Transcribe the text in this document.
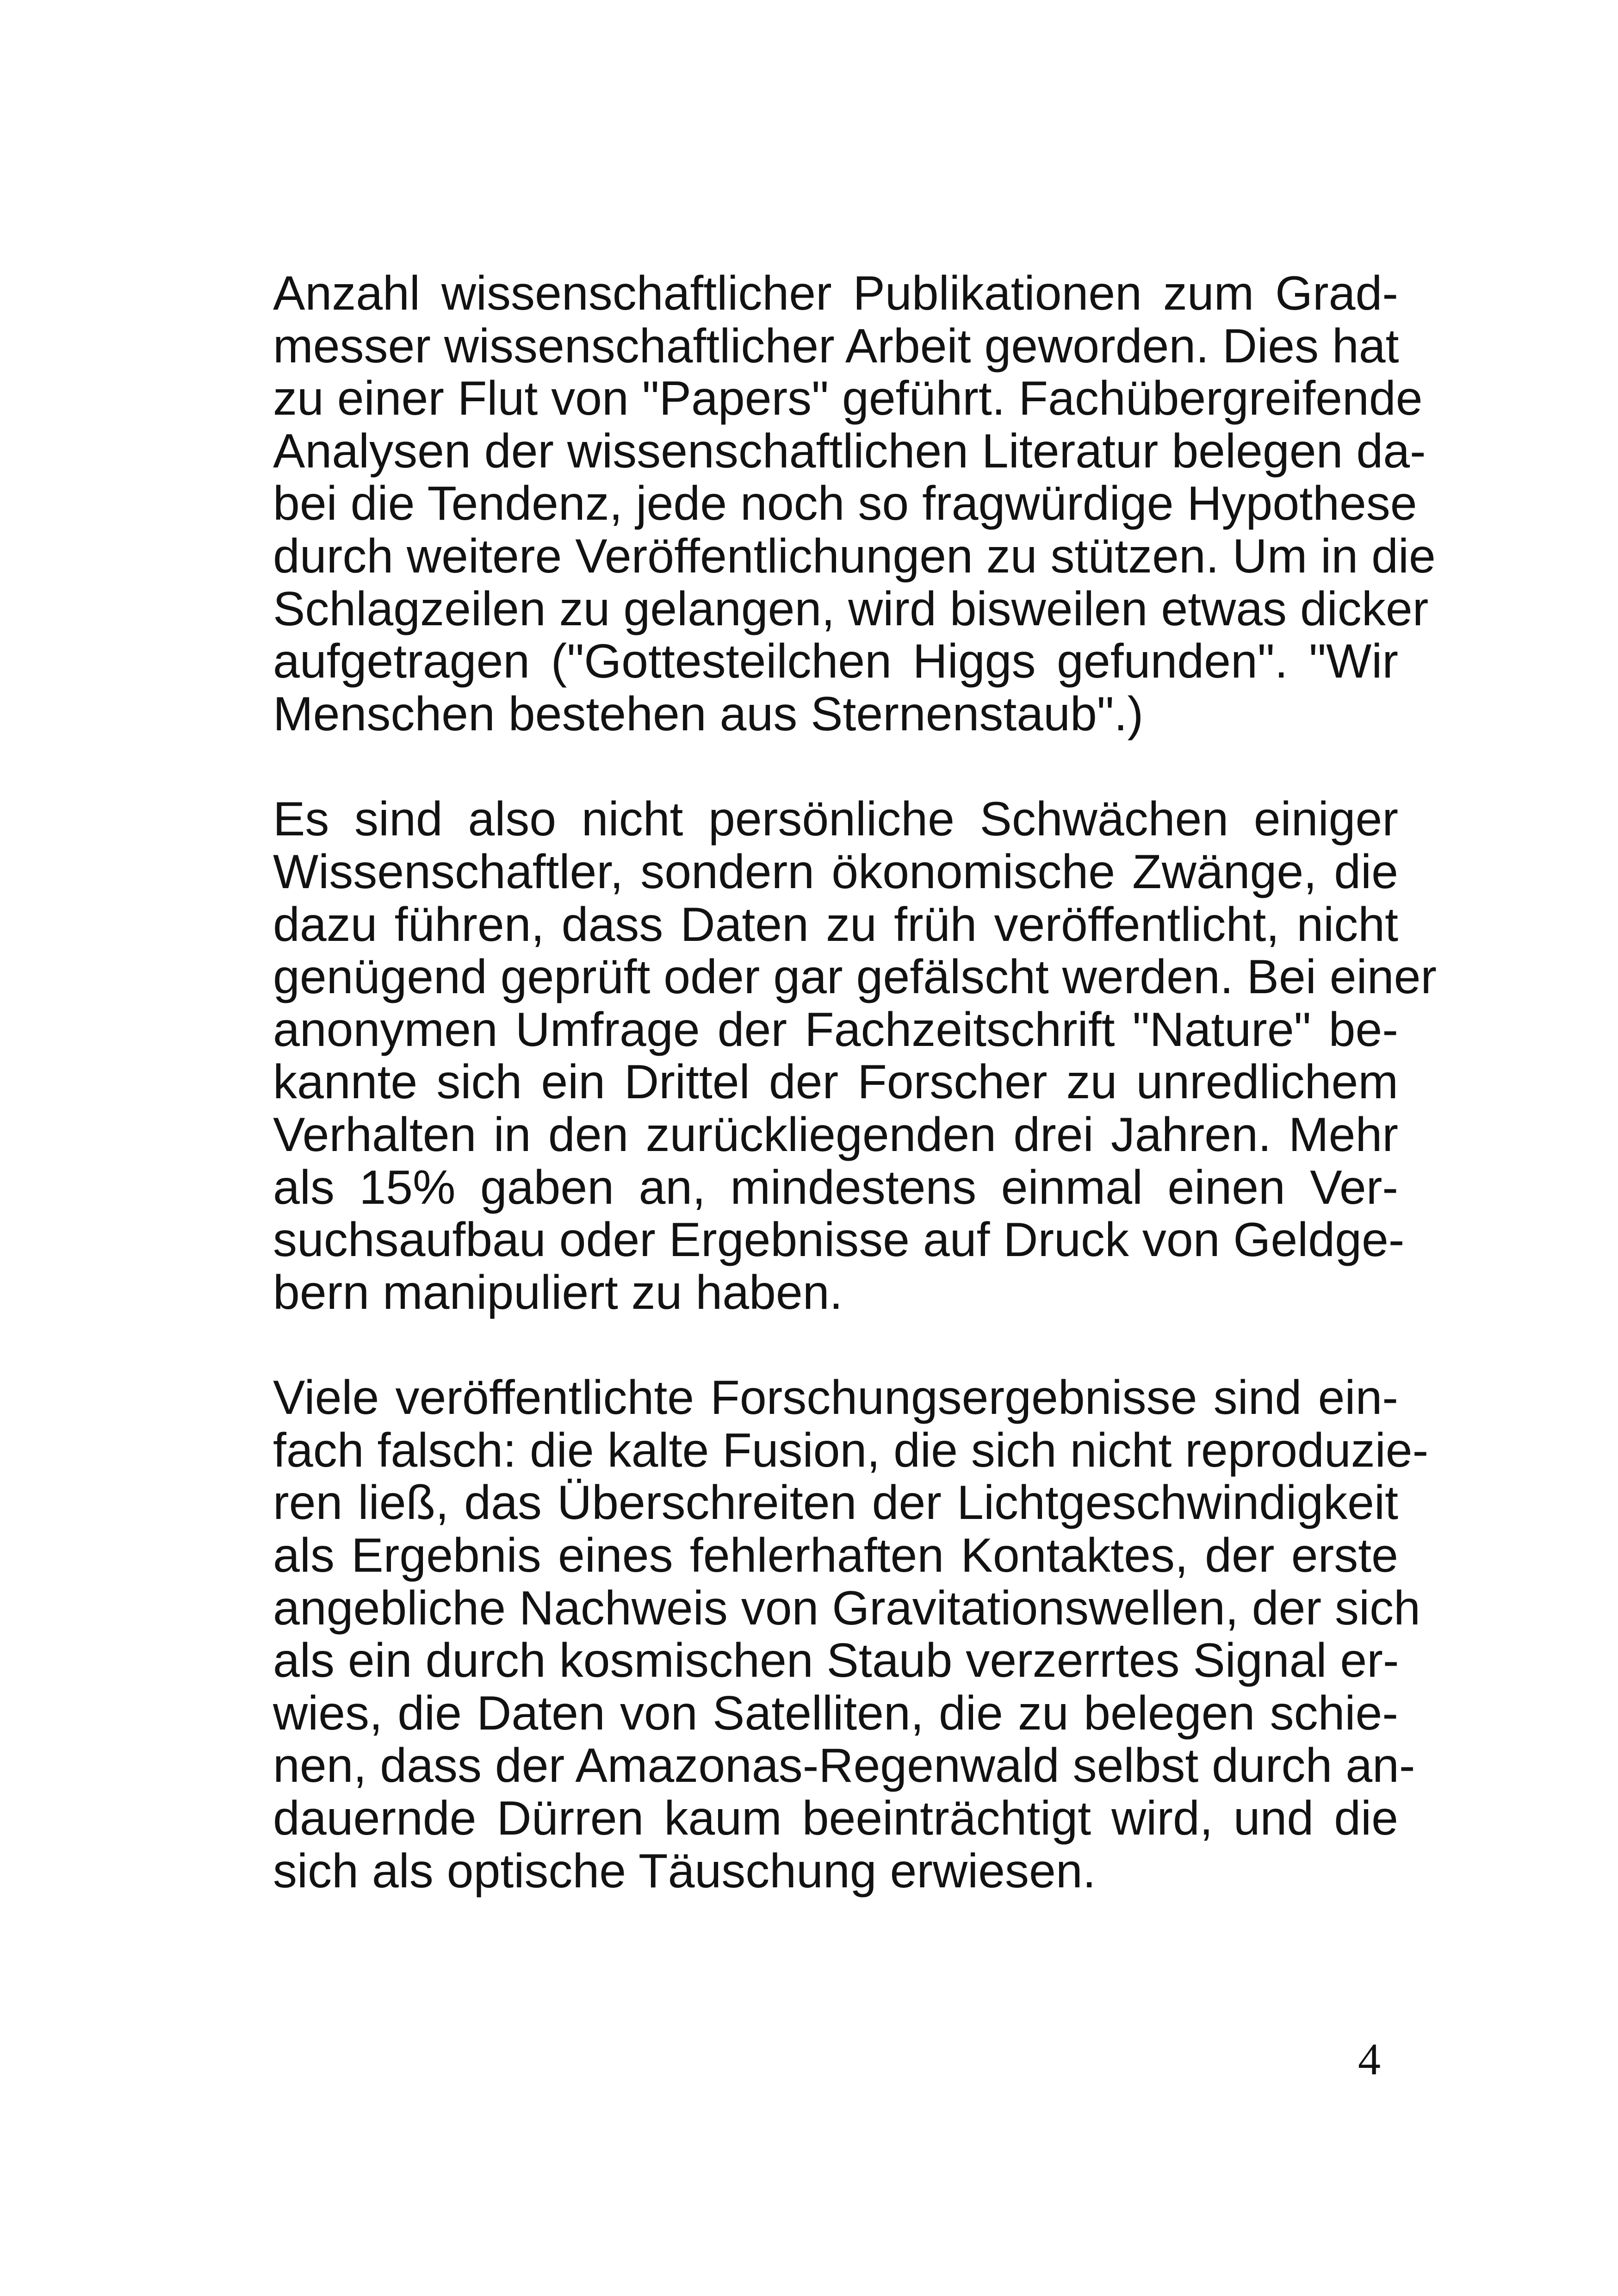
Anzahl wissenschaftlicher Publikationen zum Grad-
messer wissenschaftlicher Arbeit geworden. Dies hat
zu einer Flut von "Papers" geführt. Fachübergreifende
Analysen der wissenschaftlichen Literatur belegen da-
bei die Tendenz, jede noch so fragwürdige Hypothese
durch weitere Veröffentlichungen zu stützen. Um in die
Schlagzeilen zu gelangen, wird bisweilen etwas dicker
aufgetragen ("Gottesteilchen Higgs gefunden". "Wir
Menschen bestehen aus Sternenstaub".)

Es sind also nicht persönliche Schwächen einiger
Wissenschaftler, sondern ökonomische Zwänge, die
dazu führen, dass Daten zu früh veröffentlicht, nicht
genügend geprüft oder gar gefälscht werden. Bei einer
anonymen Umfrage der Fachzeitschrift "Nature" be-
kannte sich ein Drittel der Forscher zu unredlichem
Verhalten in den zurückliegenden drei Jahren. Mehr
als 15% gaben an, mindestens einmal einen Ver-
suchsaufbau oder Ergebnisse auf Druck von Geldge-
bern manipuliert zu haben.

Viele veröffentlichte Forschungsergebnisse sind ein-
fach falsch: die kalte Fusion, die sich nicht reproduzie-
ren ließ, das Überschreiten der Lichtgeschwindigkeit
als Ergebnis eines fehlerhaften Kontaktes, der erste
angebliche Nachweis von Gravitationswellen, der sich
als ein durch kosmischen Staub verzerrtes Signal er-
wies, die Daten von Satelliten, die zu belegen schie-
nen, dass der Amazonas-Regenwald selbst durch an-
dauernde Dürren kaum beeinträchtigt wird, und die
sich als optische Täuschung erwiesen.

4
